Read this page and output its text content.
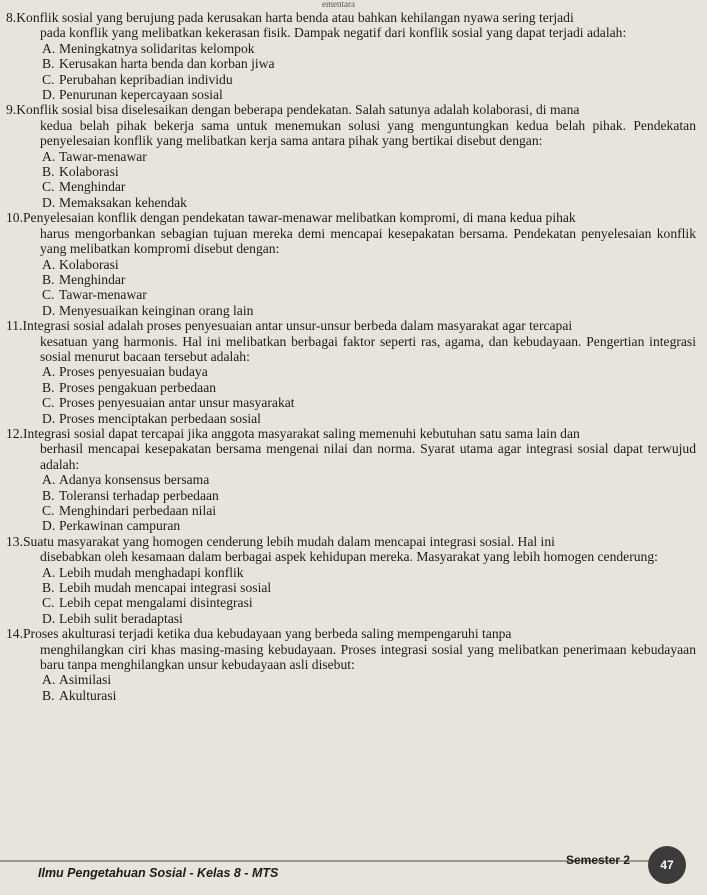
ementara
8. Konflik sosial yang berujung pada kerusakan harta benda atau bahkan kehilangan nyawa sering terjadi
pada konflik yang melibatkan kekerasan fisik. Dampak negatif dari konflik sosial yang dapat terjadi adalah:
A. Meningkatnya solidaritas kelompok
B. Kerusakan harta benda dan korban jiwa
C. Perubahan kepribadian individu
D. Penurunan kepercayaan sosial
9. Konflik sosial bisa diselesaikan dengan beberapa pendekatan. Salah satunya adalah kolaborasi, di mana
kedua belah pihak bekerja sama untuk menemukan solusi yang menguntungkan kedua belah pihak. Pendekatan penyelesaian konflik yang melibatkan kerja sama antara pihak yang bertikai disebut dengan:
A. Tawar-menawar
B. Kolaborasi
C. Menghindar
D. Memaksakan kehendak
10. Penyelesaian konflik dengan pendekatan tawar-menawar melibatkan kompromi, di mana kedua pihak
harus mengorbankan sebagian tujuan mereka demi mencapai kesepakatan bersama. Pendekatan penyelesaian konflik yang melibatkan kompromi disebut dengan:
A. Kolaborasi
B. Menghindar
C. Tawar-menawar
D. Menyesuaikan keinginan orang lain
11. Integrasi sosial adalah proses penyesuaian antar unsur-unsur berbeda dalam masyarakat agar tercapai
kesatuan yang harmonis. Hal ini melibatkan berbagai faktor seperti ras, agama, dan kebudayaan. Pengertian integrasi sosial menurut bacaan tersebut adalah:
A. Proses penyesuaian budaya
B. Proses pengakuan perbedaan
C. Proses penyesuaian antar unsur masyarakat
D. Proses menciptakan perbedaan sosial
12. Integrasi sosial dapat tercapai jika anggota masyarakat saling memenuhi kebutuhan satu sama lain dan
berhasil mencapai kesepakatan bersama mengenai nilai dan norma. Syarat utama agar integrasi sosial dapat terwujud adalah:
A. Adanya konsensus bersama
B. Toleransi terhadap perbedaan
C. Menghindari perbedaan nilai
D. Perkawinan campuran
13. Suatu masyarakat yang homogen cenderung lebih mudah dalam mencapai integrasi sosial. Hal ini
disebabkan oleh kesamaan dalam berbagai aspek kehidupan mereka. Masyarakat yang lebih homogen cenderung:
A. Lebih mudah menghadapi konflik
B. Lebih mudah mencapai integrasi sosial
C. Lebih cepat mengalami disintegrasi
D. Lebih sulit beradaptasi
14. Proses akulturasi terjadi ketika dua kebudayaan yang berbeda saling mempengaruhi tanpa
menghilangkan ciri khas masing-masing kebudayaan. Proses integrasi sosial yang melibatkan penerimaan kebudayaan baru tanpa menghilangkan unsur kebudayaan asli disebut:
A. Asimilasi
B. Akulturasi
Ilmu Pengetahuan Sosial - Kelas 8 - MTS
Semester 2	47
